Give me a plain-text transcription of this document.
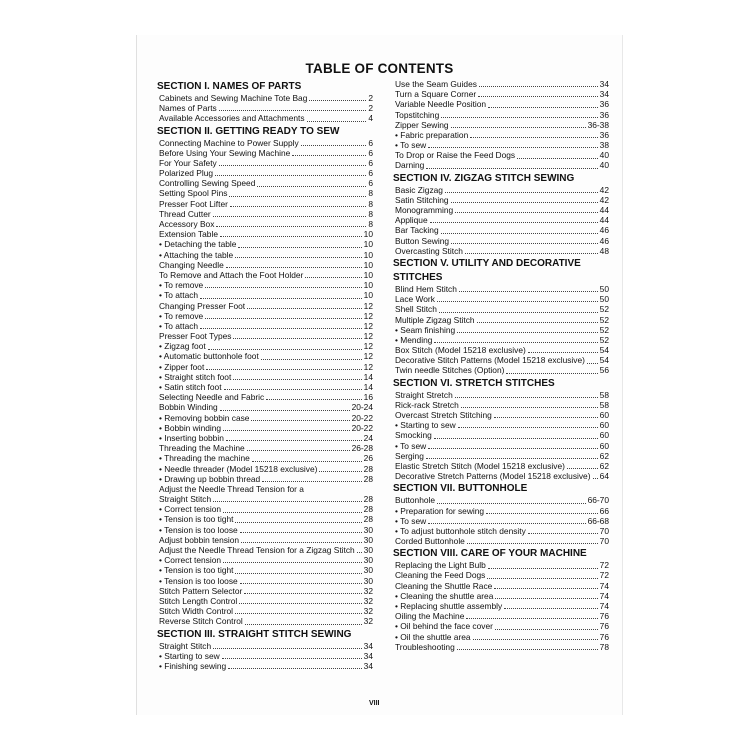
TABLE OF CONTENTS
SECTION I. NAMES OF PARTS
Cabinets and Sewing Machine Tote Bag	2
Names of Parts	2
Available Accessories and Attachments	4
SECTION II. GETTING READY TO SEW
Connecting Machine to Power Supply	6
Before Using Your Sewing Machine	6
For Your Safety	6
Polarized Plug	6
Controlling Sewing Speed	6
Setting Spool Pins	8
Presser Foot Lifter	8
Thread Cutter	8
Accessory Box	8
Extension Table	10
• Detaching the table	10
• Attaching the table	10
Changing Needle	10
To Remove and Attach the Foot Holder	10
• To remove	10
• To attach	10
Changing Presser Foot	12
• To remove	12
• To attach	12
Presser Foot Types	12
• Zigzag foot	12
• Automatic buttonhole foot	12
• Zipper foot	12
• Straight stitch foot	14
• Satin stitch foot	14
Selecting Needle and Fabric	16
Bobbin Winding	20-24
• Removing bobbin case	20-22
• Bobbin winding	20-22
• Inserting bobbin	24
Threading the Machine	26-28
• Threading the machine	26
• Needle threader (Model 15218 exclusive)	28
• Drawing up bobbin thread	28
Adjust the Needle Thread Tension for a
Straight Stitch	28
• Correct tension	28
• Tension is too tight	28
• Tension is too loose	30
Adjust bobbin tension	30
Adjust the Needle Thread Tension for a Zigzag Stitch 30
• Correct tension	30
• Tension is too tight	30
• Tension is too loose	30
Stitch Pattern Selector	32
Stitch Length Control	32
Stitch Width Control	32
Reverse Stitch Control	32
SECTION III. STRAIGHT STITCH SEWING
Straight Stitch	34
• Starting to sew	34
• Finishing sewing	34
Use the Seam Guides	34
Turn a Square Corner	34
Variable Needle Position	36
Topstitching	36
Zipper Sewing	36-38
• Fabric preparation	36
• To sew	38
To Drop or Raise the Feed Dogs	40
Darning	40
SECTION IV. ZIGZAG STITCH SEWING
Basic Zigzag	42
Satin Stitching	42
Monogramming	44
Applique	44
Bar Tacking	46
Button Sewing	46
Overcasting Stitch	48
SECTION V. UTILITY AND DECORATIVE
STITCHES
Blind Hem Stitch	50
Lace Work	50
Shell Stitch	52
Multiple Zigzag Stitch	52
• Seam finishing	52
• Mending	52
Box Stitch (Model 15218 exclusive)	54
Decorative Stitch Patterns (Model 15218 exclusive) 54
Twin needle Stitches (Option)	56
SECTION VI. STRETCH STITCHES
Straight Stretch	58
Rick-rack Stretch	58
Overcast Stretch Stitching	60
• Starting to sew	60
Smocking	60
• To sew	60
Serging	62
Elastic Stretch Stitch (Model 15218 exclusive)	62
Decorative Stretch Patterns (Model 15218 exclusive) 64
SECTION VII. BUTTONHOLE
Buttonhole	66-70
• Preparation for sewing	66
• To sew	66-68
• To adjust buttonhole stitch density	70
Corded Buttonhole	70
SECTION VIII. CARE OF YOUR MACHINE
Replacing the Light Bulb	72
Cleaning the Feed Dogs	72
Cleaning the Shuttle Race	74
• Cleaning the shuttle area	74
• Replacing shuttle assembly	74
Oiling the Machine	76
• Oil behind the face cover	76
• Oil the shuttle area	76
Troubleshooting	78
VIII
